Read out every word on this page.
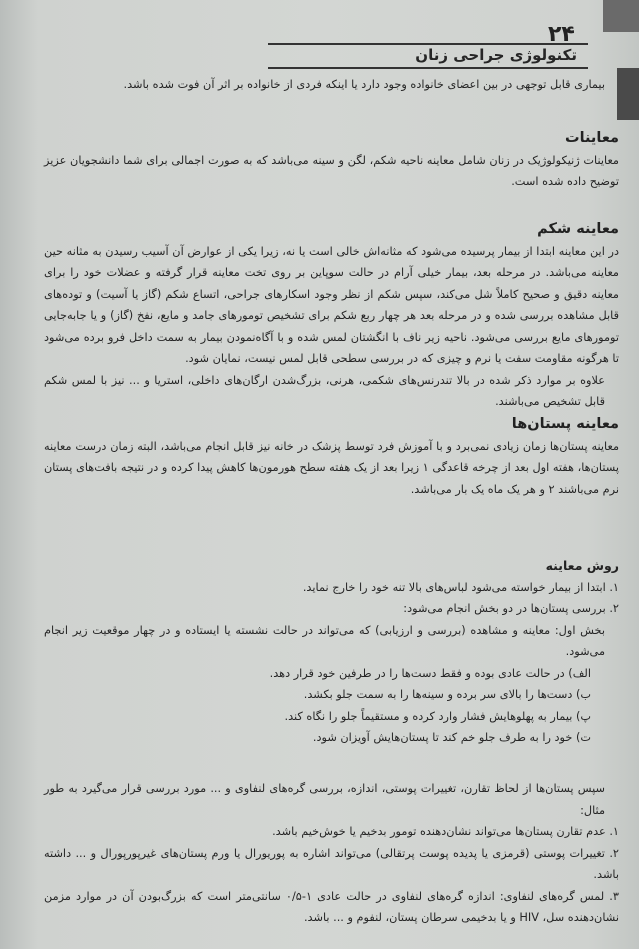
۲۴
تکنولوژی جراحی زنان

بیماری قابل توجهی در بین اعضای خانواده وجود دارد یا اینکه فردی از خانواده بر اثر آن فوت شده باشد.

معاینات

معاینات ژنیکولوژیک در زنان شامل معاینه ناحیه شکم، لگن و سینه می‌باشد که به صورت اجمالی برای شما دانشجویان عزیز توضیح داده شده است.

معاینه شکم

در این معاینه ابتدا از بیمار پرسیده می‌شود که مثانه‌اش خالی است یا نه، زیرا یکی از عوارض آن آسیب رسیدن به مثانه حین معاینه می‌باشد. در مرحله بعد، بیمار خیلی آرام در حالت سوپاین بر روی تخت معاینه قرار گرفته و عضلات خود را برای معاینه دقیق و صحیح کاملاً شل می‌کند، سپس شکم از نظر وجود اسکارهای جراحی، اتساع شکم (گاز یا آسیت) و توده‌های قابل مشاهده بررسی شده و در مرحله بعد هر چهار ربع شکم برای تشخیص تومورهای جامد و مایع، نفخ (گاز) و یا جابه‌جایی تومورهای مایع بررسی می‌شود. ناحیه زیر ناف با انگشتان لمس شده و با آگاه‌نمودن بیمار به سمت داخل فرو برده می‌شود تا هرگونه مقاومت سفت یا نرم و چیزی که در بررسی سطحی قابل لمس نیست، نمایان شود.

علاوه بر موارد ذکر شده در بالا تندرنس‌های شکمی، هرنی، بزرگ‌شدن ارگان‌های داخلی، استریا و ... نیز با لمس شکم قابل تشخیص می‌باشند.

معاینه پستان‌ها

معاینه پستان‌ها زمان زیادی نمی‌برد و با آموزش فرد توسط پزشک در خانه نیز قابل انجام می‌باشد، البته زمان درست معاینه پستان‌ها، هفته اول بعد از چرخه قاعدگی ۱ زیرا بعد از یک هفته سطح هورمون‌ها کاهش پیدا کرده و در نتیجه بافت‌های پستان نرم می‌باشند ۲ و هر یک ماه یک بار می‌باشد.

روش معاینه

۱. ابتدا از بیمار خواسته می‌شود لباس‌های بالا تنه خود را خارج نماید.

۲. بررسی پستان‌ها در دو بخش انجام می‌شود:

بخش اول: معاینه و مشاهده (بررسی و ارزیابی) که می‌تواند در حالت نشسته یا ایستاده و در چهار موقعیت زیر انجام می‌شود.

الف) در حالت عادی بوده و فقط دست‌ها را در طرفین خود قرار دهد.

ب) دست‌ها را بالای سر برده و سینه‌ها را به سمت جلو بکشد.

پ) بیمار به پهلوهایش فشار وارد کرده و مستقیماً جلو را نگاه کند.

ت) خود را به طرف جلو خم کند تا پستان‌هایش آویزان شود.

سپس پستان‌ها از لحاظ تقارن، تغییرات پوستی، اندازه، بررسی گره‌های لنفاوی و ... مورد بررسی قرار می‌گیرد به طور مثال:

۱. عدم تقارن پستان‌ها می‌تواند نشان‌دهنده تومور بدخیم یا خوش‌خیم باشد.

۲. تغییرات پوستی (قرمزی یا پدیده پوست پرتقالی) می‌تواند اشاره به پوریورال یا ورم پستان‌های غیرپورپورال و ... داشته باشد.

۳. لمس گره‌های لنفاوی: اندازه گره‌های لنفاوی در حالت عادی ۱-۰/۵ سانتی‌متر است که بزرگ‌بودن آن در موارد مزمن نشان‌دهنده سل، HIV و یا بدخیمی سرطان پستان، لنفوم و ... باشد.
